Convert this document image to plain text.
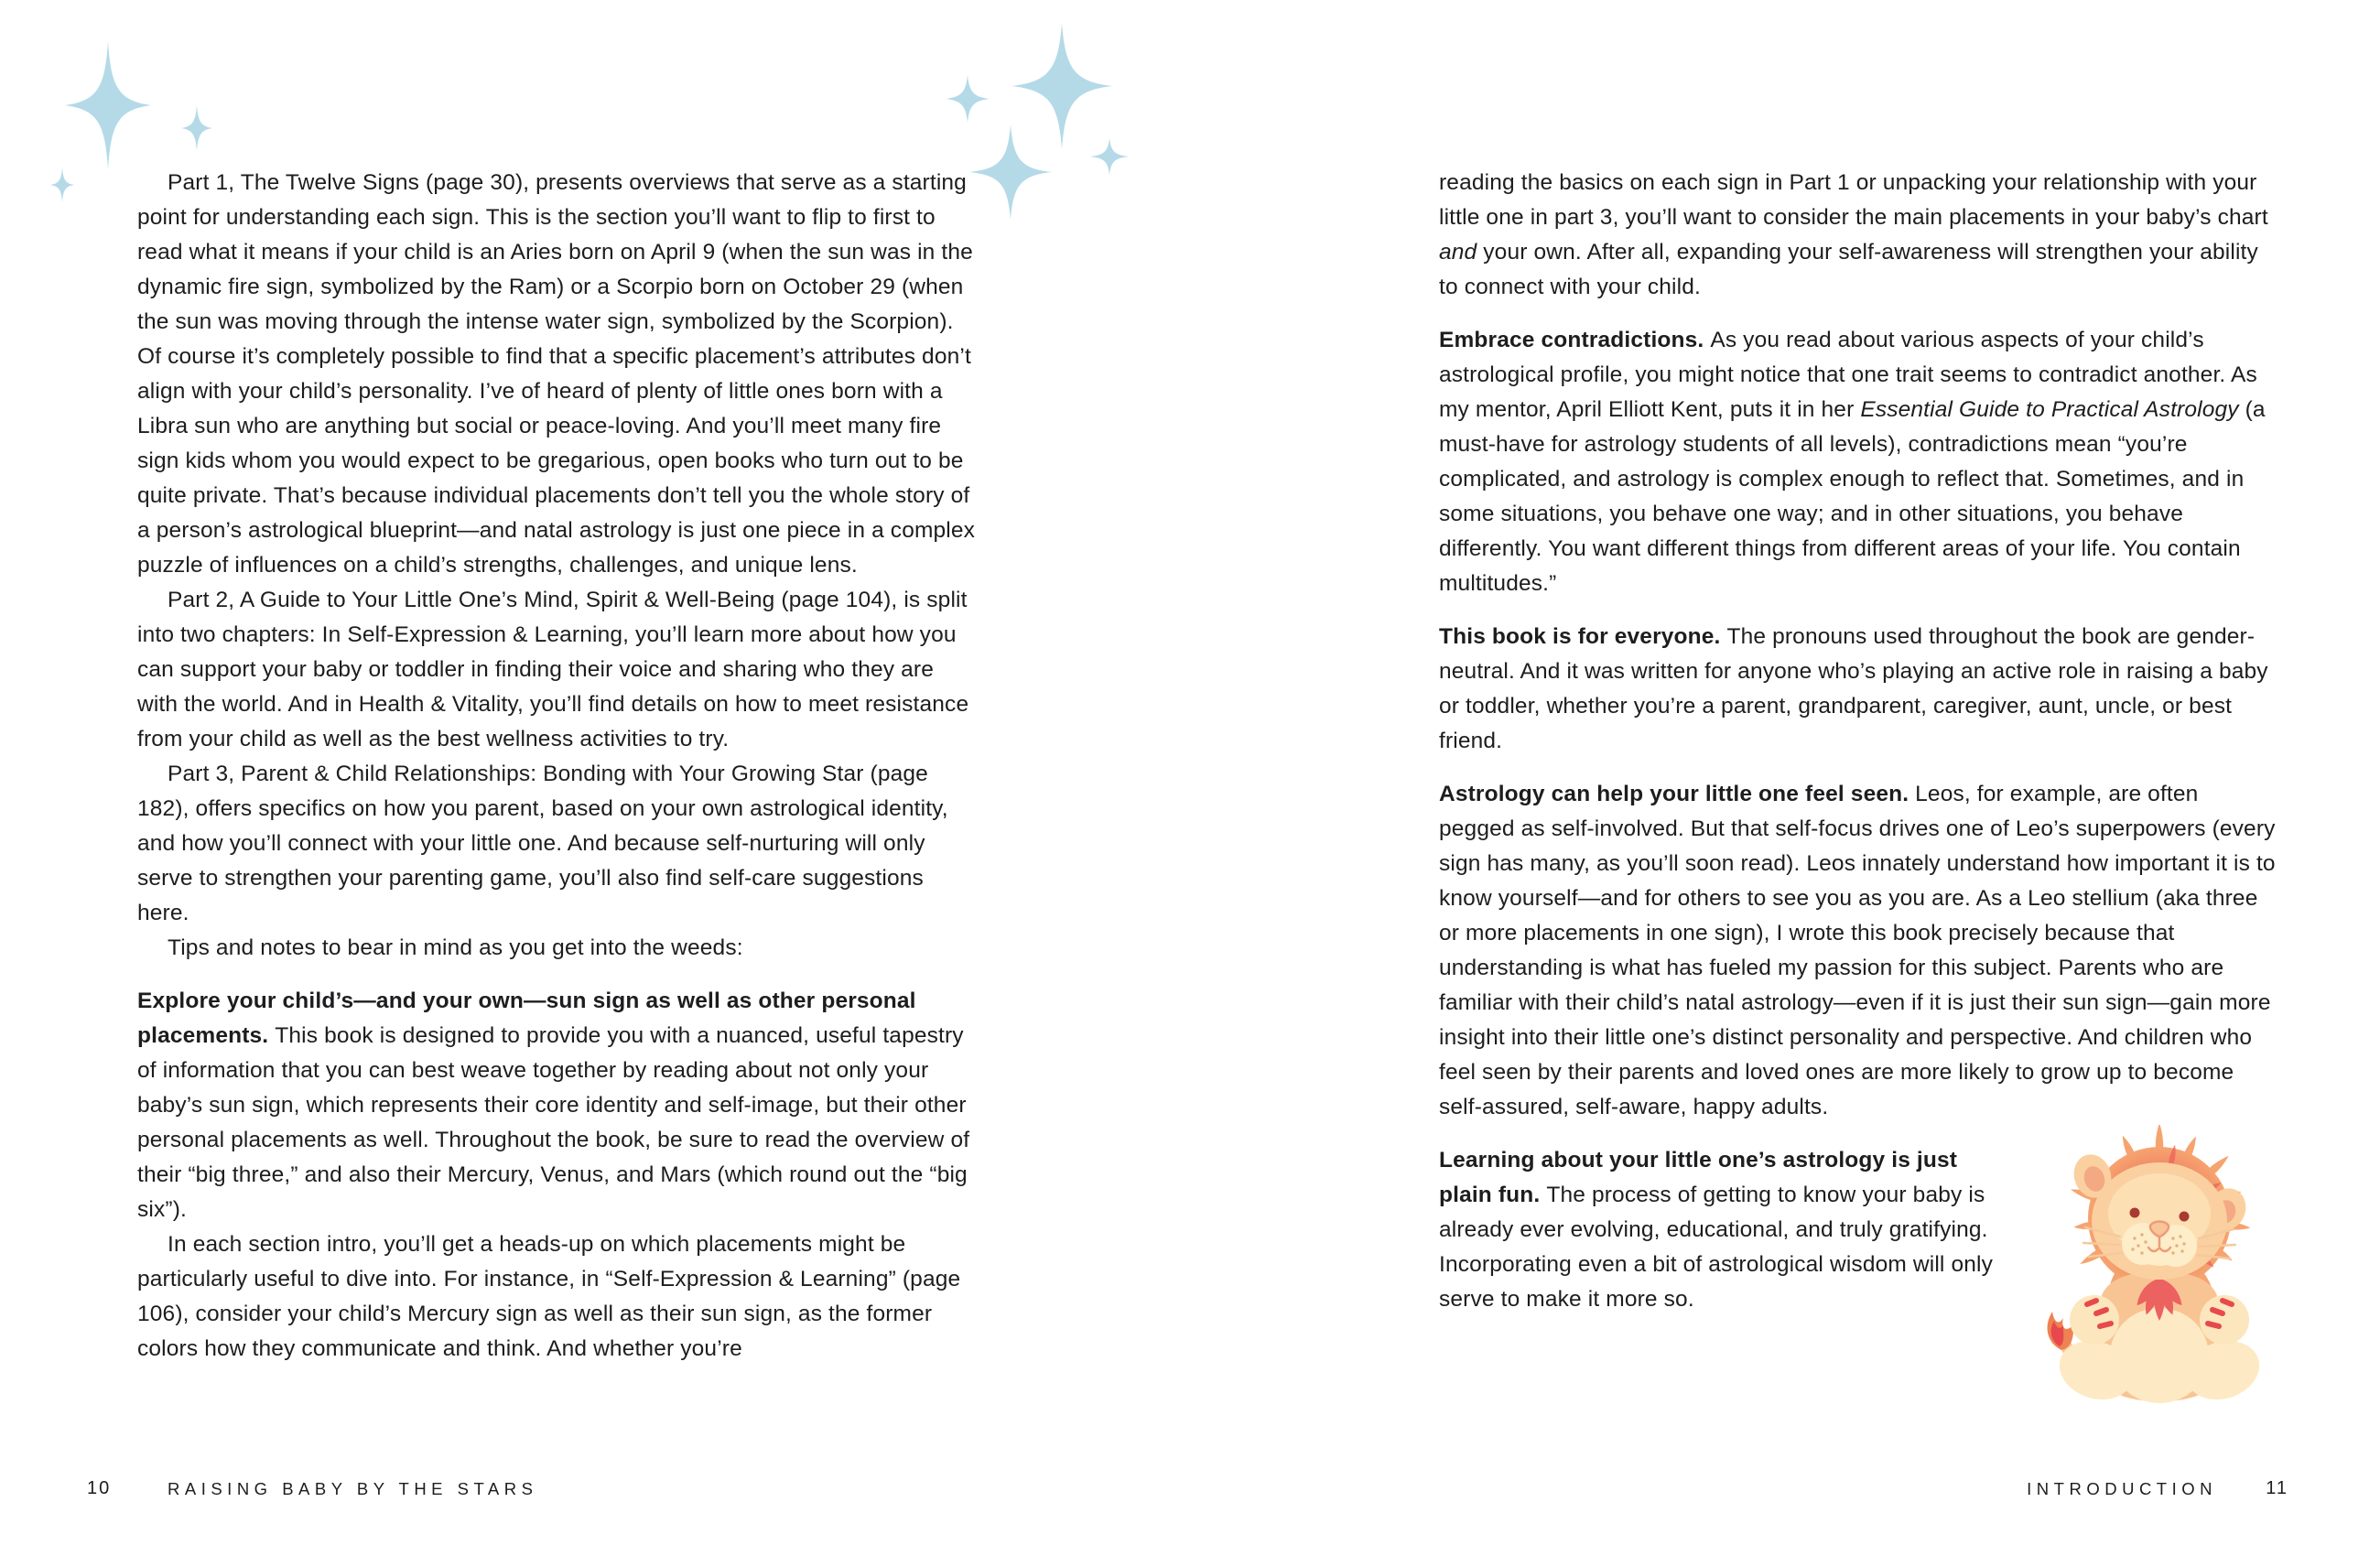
Part 1, The Twelve Signs (page 30), presents overviews that serve as a starting point for understanding each sign. This is the section you’ll want to flip to first to read what it means if your child is an Aries born on April 9 (when the sun was in the dynamic fire sign, symbolized by the Ram) or a Scorpio born on October 29 (when the sun was moving through the intense water sign, symbolized by the Scorpion). Of course it’s completely possible to find that a specific placement’s attributes don’t align with your child’s personality. I’ve of heard of plenty of little ones born with a Libra sun who are anything but social or peace-loving. And you’ll meet many fire sign kids whom you would expect to be gregarious, open books who turn out to be quite private. That’s because individual placements don’t tell you the whole story of a person’s astrological blueprint—and natal astrology is just one piece in a complex puzzle of influences on a child’s strengths, challenges, and unique lens.

Part 2, A Guide to Your Little One’s Mind, Spirit & Well-Being (page 104), is split into two chapters: In Self-Expression & Learning, you’ll learn more about how you can support your baby or toddler in finding their voice and sharing who they are with the world. And in Health & Vitality, you’ll find details on how to meet resistance from your child as well as the best wellness activities to try.

Part 3, Parent & Child Relationships: Bonding with Your Growing Star (page 182), offers specifics on how you parent, based on your own astrological identity, and how you’ll connect with your little one. And because self-nurturing will only serve to strengthen your parenting game, you’ll also find self-care suggestions here.

Tips and notes to bear in mind as you get into the weeds:

Explore your child’s—and your own—sun sign as well as other personal placements. This book is designed to provide you with a nuanced, useful tapestry of information that you can best weave together by reading about not only your baby’s sun sign, which represents their core identity and self-image, but their other personal placements as well. Throughout the book, be sure to read the overview of their “big three,” and also their Mercury, Venus, and Mars (which round out the “big six”).

In each section intro, you’ll get a heads-up on which placements might be particularly useful to dive into. For instance, in “Self-Expression & Learning” (page 106), consider your child’s Mercury sign as well as their sun sign, as the former colors how they communicate and think. And whether you’re

reading the basics on each sign in Part 1 or unpacking your relationship with your little one in part 3, you’ll want to consider the main placements in your baby’s chart and your own. After all, expanding your self-awareness will strengthen your ability to connect with your child.

Embrace contradictions. As you read about various aspects of your child’s astrological profile, you might notice that one trait seems to contradict another. As my mentor, April Elliott Kent, puts it in her Essential Guide to Practical Astrology (a must-have for astrology students of all levels), contradictions mean “you’re complicated, and astrology is complex enough to reflect that. Sometimes, and in some situations, you behave one way; and in other situations, you behave differently. You want different things from different areas of your life. You contain multitudes.”

This book is for everyone. The pronouns used throughout the book are gender-neutral. And it was written for anyone who’s playing an active role in raising a baby or toddler, whether you’re a parent, grandparent, caregiver, aunt, uncle, or best friend.

Astrology can help your little one feel seen. Leos, for example, are often pegged as self-involved. But that self-focus drives one of Leo’s superpowers (every sign has many, as you’ll soon read). Leos innately understand how important it is to know yourself—and for others to see you as you are. As a Leo stellium (aka three or more placements in one sign), I wrote this book precisely because that understanding is what has fueled my passion for this subject. Parents who are familiar with their child’s natal astrology—even if it is just their sun sign—gain more insight into their little one’s distinct personality and perspective. And children who feel seen by their parents and loved ones are more likely to grow up to become self-assured, self-aware, happy adults.

Learning about your little one’s astrology is just plain fun. The process of getting to know your baby is already ever evolving, educational, and truly gratifying. Incorporating even a bit of astrological wisdom will only serve to make it more so.

10	RAISING BABY BY THE STARS	INTRODUCTION	11
